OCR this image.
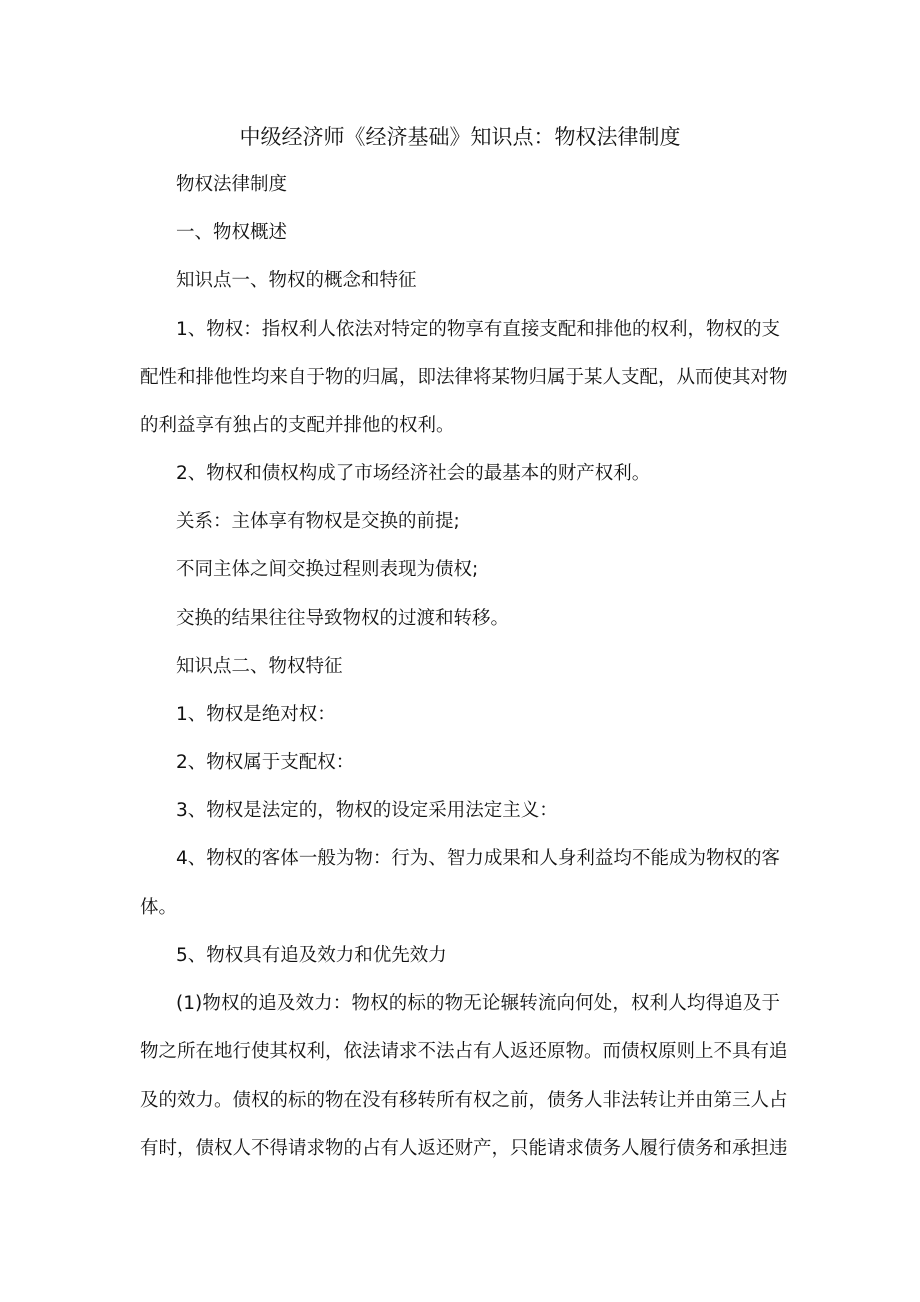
中级经济师《经济基础》知识点：物权法律制度
物权法律制度
一、物权概述
知识点一、物权的概念和特征
1、物权：指权利人依法对特定的物享有直接支配和排他的权利，物权的支
配性和排他性均来自于物的归属，即法律将某物归属于某人支配，从而使其对物
的利益享有独占的支配并排他的权利。
2、物权和债权构成了市场经济社会的最基本的财产权利。
关系：主体享有物权是交换的前提;
不同主体之间交换过程则表现为债权;
交换的结果往往导致物权的过渡和转移。
知识点二、物权特征
1、物权是绝对权：
2、物权属于支配权：
3、物权是法定的，物权的设定采用法定主义：
4、物权的客体一般为物：行为、智力成果和人身利益均不能成为物权的客
体。
5、物权具有追及效力和优先效力
(1)物权的追及效力：物权的标的物无论辗转流向何处，权利人均得追及于
物之所在地行使其权利，依法请求不法占有人返还原物。而债权原则上不具有追
及的效力。债权的标的物在没有移转所有权之前，债务人非法转让并由第三人占
有时，债权人不得请求物的占有人返还财产，只能请求债务人履行债务和承担违
